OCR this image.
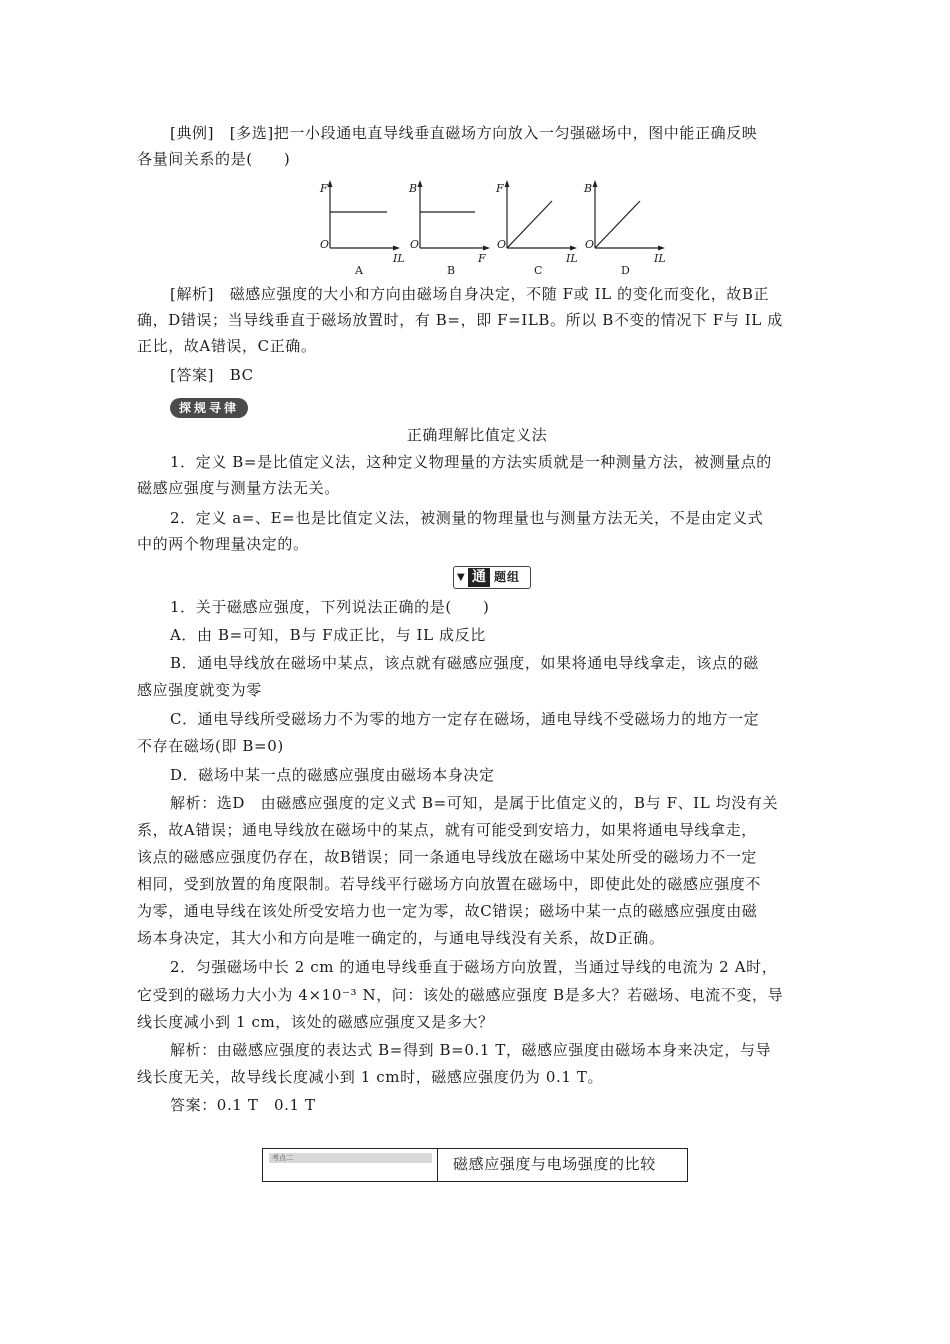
[典例]　[多选]把一小段通电直导线垂直磁场方向放入一匀强磁场中，图中能正确反映

各量间关系的是(　　)

F
O
IL
A
B
O
F
B
F
O
IL
C
B
O
IL
D

[解析]　磁感应强度的大小和方向由磁场自身决定，不随 F或 IL 的变化而变化，故B正

确，D错误；当导线垂直于磁场放置时，有 B=，即 F=ILB。所以 B不变的情况下 F与 IL 成

正比，故A错误，C正确。

[答案]　BC

探规寻律

正确理解比值定义法

1．定义 B=是比值定义法，这种定义物理量的方法实质就是一种测量方法，被测量点的

磁感应强度与测量方法无关。

2．定义 a=、E=也是比值定义法，被测量的物理量也与测量方法无关，不是由定义式

中的两个物理量决定的。

▼ 通 题组

1．关于磁感应强度，下列说法正确的是(　　)

A．由 B=可知，B与 F成正比，与 IL 成反比

B．通电导线放在磁场中某点，该点就有磁感应强度，如果将通电导线拿走，该点的磁

感应强度就变为零

C．通电导线所受磁场力不为零的地方一定存在磁场，通电导线不受磁场力的地方一定

不存在磁场(即 B=0)

D．磁场中某一点的磁感应强度由磁场本身决定

解析：选D　由磁感应强度的定义式 B=可知，是属于比值定义的，B与 F、IL 均没有关

系，故A错误；通电导线放在磁场中的某点，就有可能受到安培力，如果将通电导线拿走，

该点的磁感应强度仍存在，故B错误；同一条通电导线放在磁场中某处所受的磁场力不一定

相同，受到放置的角度限制。若导线平行磁场方向放置在磁场中，即使此处的磁感应强度不

为零，通电导线在该处所受安培力也一定为零，故C错误；磁场中某一点的磁感应强度由磁

场本身决定，其大小和方向是唯一确定的，与通电导线没有关系，故D正确。

2．匀强磁场中长 2 cm 的通电导线垂直于磁场方向放置，当通过导线的电流为 2 A时，

它受到的磁场力大小为 4×10⁻³ N，问：该处的磁感应强度 B是多大？若磁场、电流不变，导

线长度减小到 1 cm，该处的磁感应强度又是多大？

解析：由磁感应强度的表达式 B=得到 B=0.1 T，磁感应强度由磁场本身来决定，与导

线长度无关，故导线长度减小到 1 cm时，磁感应强度仍为 0.1 T。

答案：0.1 T　0.1 T

考点二	磁感应强度与电场强度的比较
